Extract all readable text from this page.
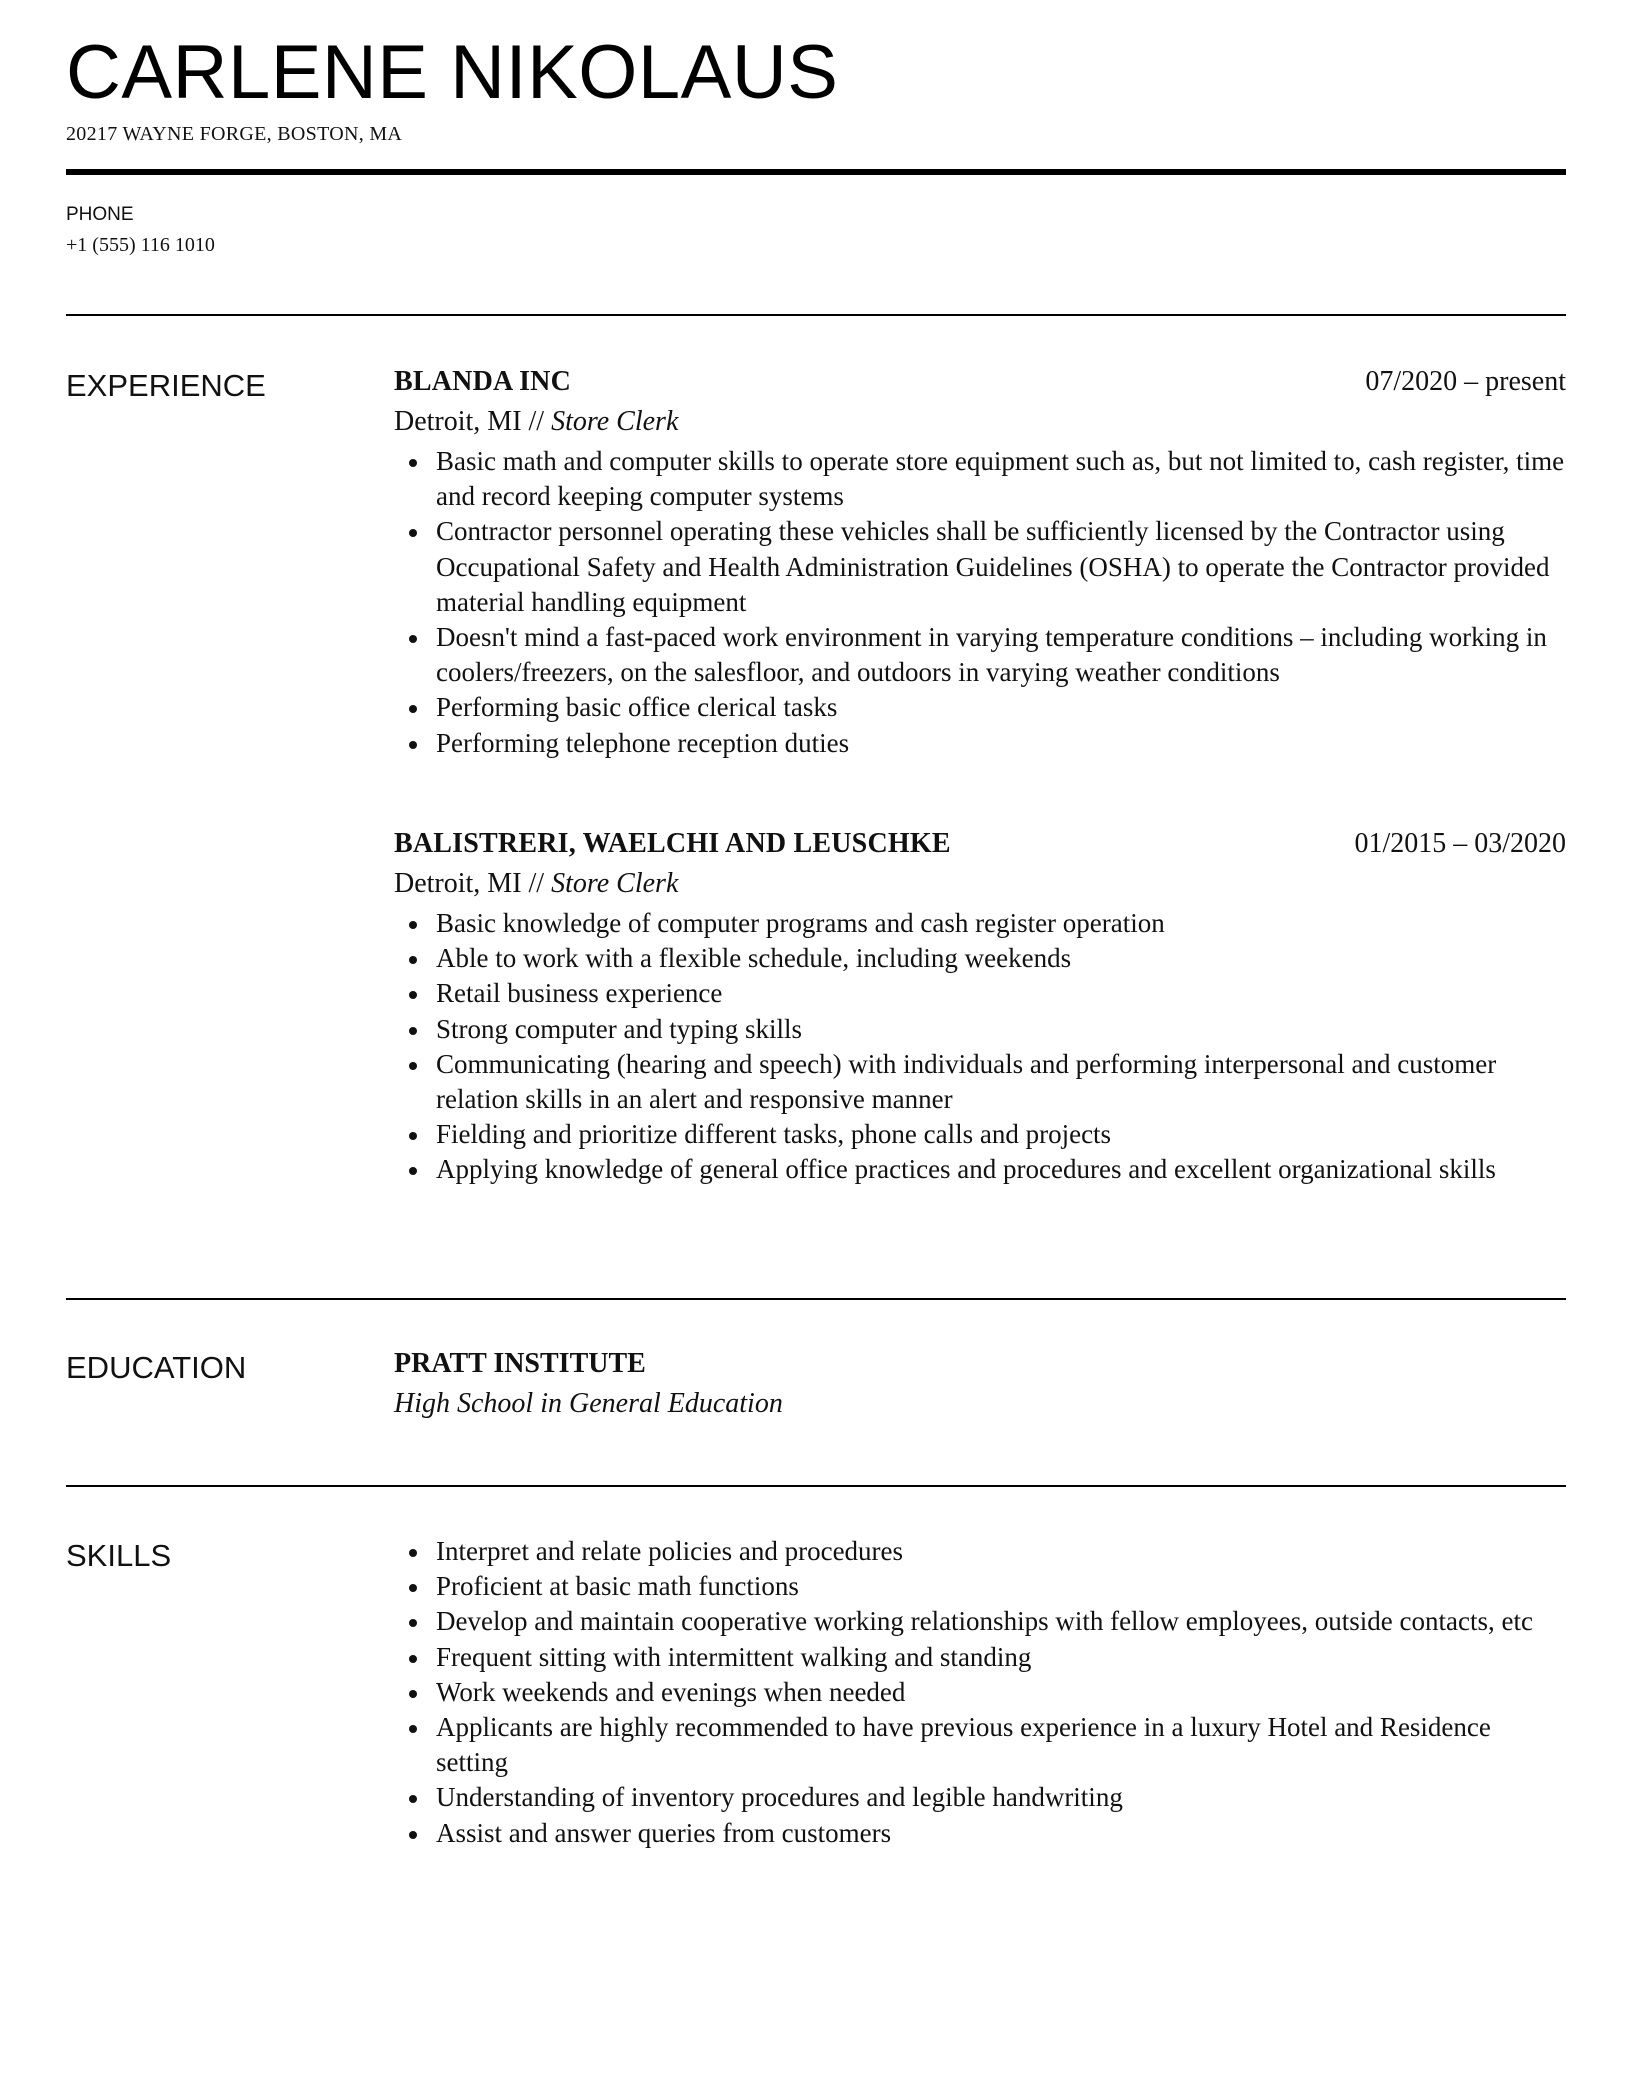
CARLENE NIKOLAUS
20217 WAYNE FORGE, BOSTON, MA
PHONE
+1 (555) 116 1010
EXPERIENCE	BLANDA INC	07/2020 – present
Detroit, MI // Store Clerk
Basic math and computer skills to operate store equipment such as, but not limited to, cash register, time and record keeping computer systems
Contractor personnel operating these vehicles shall be sufficiently licensed by the Contractor using Occupational Safety and Health Administration Guidelines (OSHA) to operate the Contractor provided material handling equipment
Doesn't mind a fast-paced work environment in varying temperature conditions – including working in coolers/freezers, on the salesfloor, and outdoors in varying weather conditions
Performing basic office clerical tasks
Performing telephone reception duties
BALISTRERI, WAELCHI AND LEUSCHKE	01/2015 – 03/2020
Detroit, MI // Store Clerk
Basic knowledge of computer programs and cash register operation
Able to work with a flexible schedule, including weekends
Retail business experience
Strong computer and typing skills
Communicating (hearing and speech) with individuals and performing interpersonal and customer relation skills in an alert and responsive manner
Fielding and prioritize different tasks, phone calls and projects
Applying knowledge of general office practices and procedures and excellent organizational skills
EDUCATION	PRATT INSTITUTE
High School in General Education
SKILLS	Interpret and relate policies and procedures
Proficient at basic math functions
Develop and maintain cooperative working relationships with fellow employees, outside contacts, etc
Frequent sitting with intermittent walking and standing
Work weekends and evenings when needed
Applicants are highly recommended to have previous experience in a luxury Hotel and Residence setting
Understanding of inventory procedures and legible handwriting
Assist and answer queries from customers
